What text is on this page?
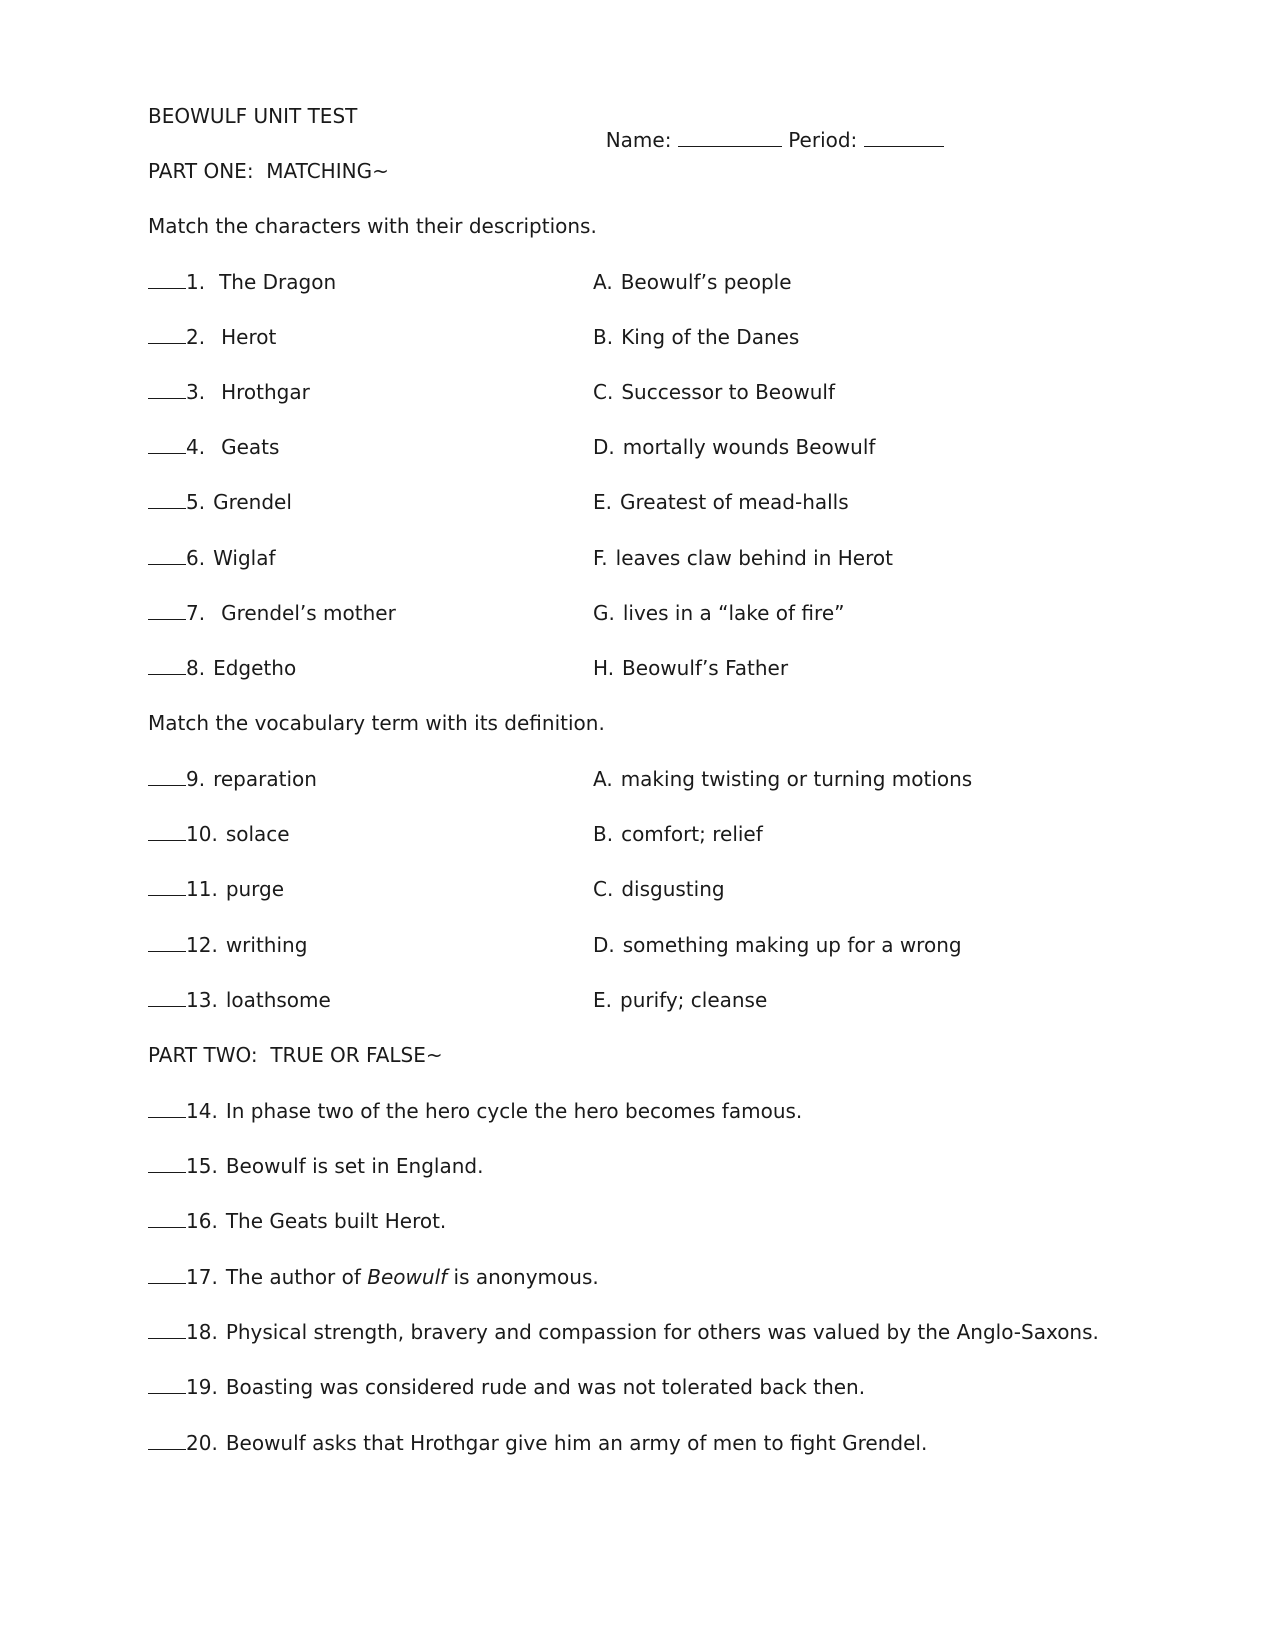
BEOWULF UNIT TEST

Name:	Period:

PART ONE:  MATCHING~
Match the characters with their descriptions.
1. The Dragon	A. Beowulf’s people
2. Herot	B. King of the Danes
3. Hrothgar	C. Successor to Beowulf
4. Geats	D. mortally wounds Beowulf
5. Grendel	E. Greatest of mead-halls
6. Wiglaf	F. leaves claw behind in Herot
7. Grendel’s mother	G. lives in a “lake of fire”
8. Edgetho	H. Beowulf’s Father
Match the vocabulary term with its definition.
9. reparation	A. making twisting or turning motions
10. solace	B. comfort; relief
11. purge	C. disgusting
12. writhing	D. something making up for a wrong
13. loathsome	E. purify; cleanse
PART TWO:  TRUE OR FALSE~
14. In phase two of the hero cycle the hero becomes famous.
15. Beowulf is set in England.
16. The Geats built Herot.
17. The author of Beowulf is anonymous.
18. Physical strength, bravery and compassion for others was valued by the Anglo-Saxons.
19. Boasting was considered rude and was not tolerated back then.
20. Beowulf asks that Hrothgar give him an army of men to fight Grendel.
